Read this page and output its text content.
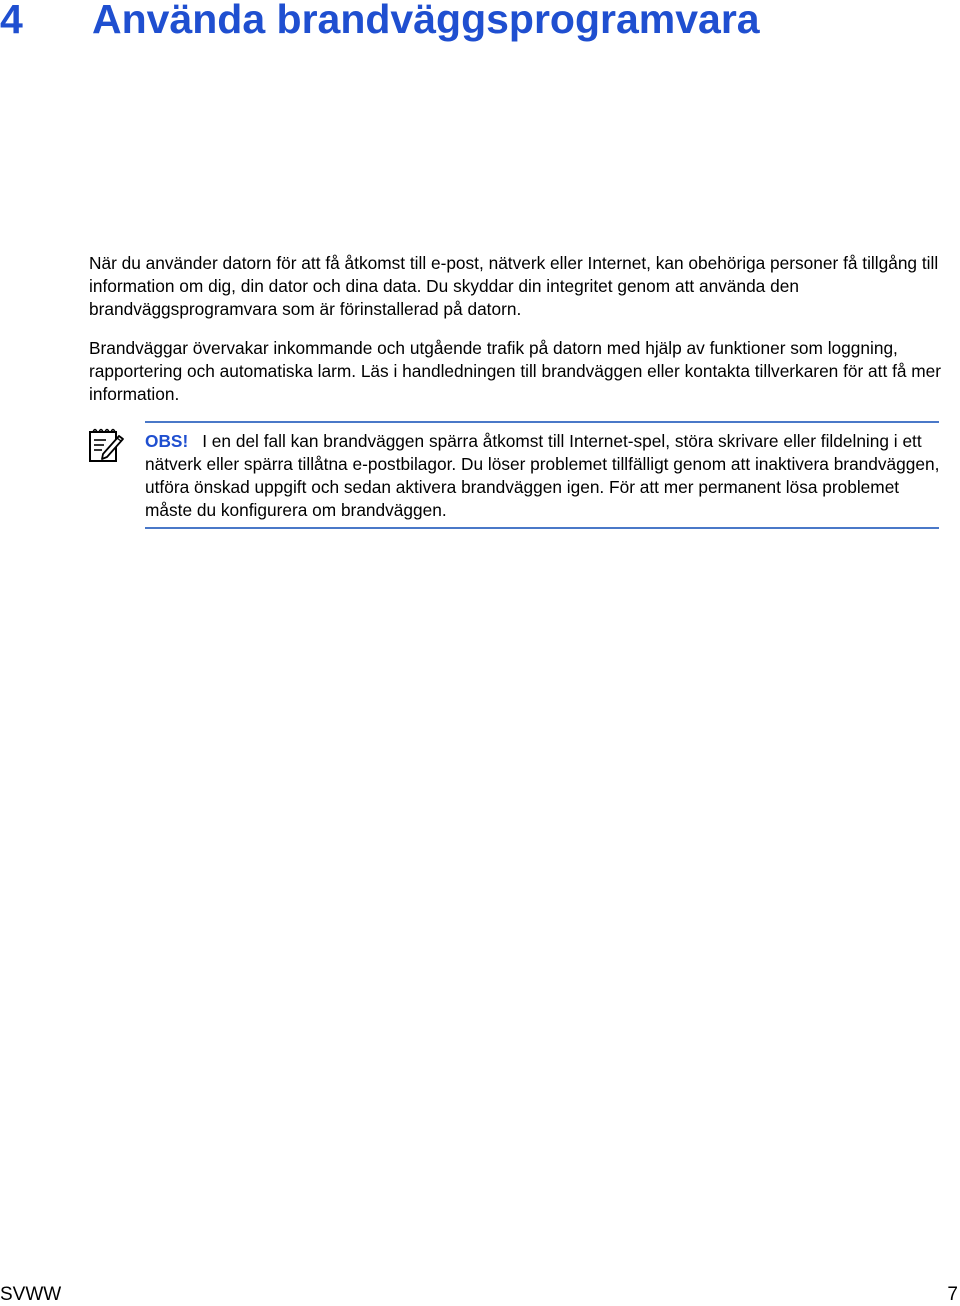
4 Använda brandväggsprogramvara

När du använder datorn för att få åtkomst till e-post, nätverk eller Internet, kan obehöriga personer få tillgång till information om dig, din dator och dina data. Du skyddar din integritet genom att använda den brandväggsprogramvara som är förinstallerad på datorn.

Brandväggar övervakar inkommande och utgående trafik på datorn med hjälp av funktioner som loggning, rapportering och automatiska larm. Läs i handledningen till brandväggen eller kontakta tillverkaren för att få mer information.

OBS! I en del fall kan brandväggen spärra åtkomst till Internet-spel, störa skrivare eller fildelning i ett nätverk eller spärra tillåtna e-postbilagor. Du löser problemet tillfälligt genom att inaktivera brandväggen, utföra önskad uppgift och sedan aktivera brandväggen igen. För att mer permanent lösa problemet måste du konfigurera om brandväggen.

SVWW	7
